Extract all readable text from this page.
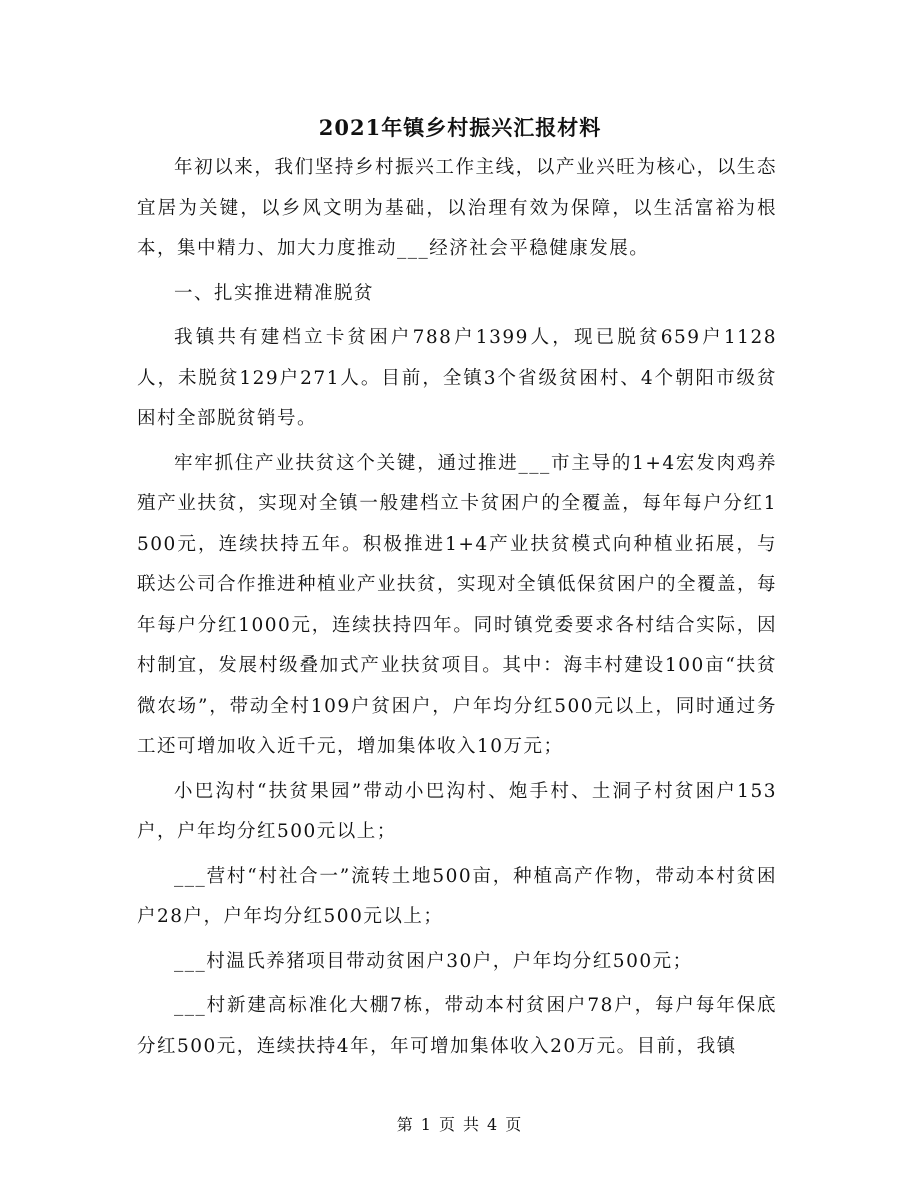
2021年镇乡村振兴汇报材料

年初以来，我们坚持乡村振兴工作主线，以产业兴旺为核心，以生态宜居为关键，以乡风文明为基础，以治理有效为保障，以生活富裕为根本，集中精力、加大力度推动___经济社会平稳健康发展。

一、扎实推进精准脱贫

我镇共有建档立卡贫困户788户1399人，现已脱贫659户1128人，未脱贫129户271人。目前，全镇3个省级贫困村、4个朝阳市级贫困村全部脱贫销号。

牢牢抓住产业扶贫这个关键，通过推进___市主导的1+4宏发肉鸡养殖产业扶贫，实现对全镇一般建档立卡贫困户的全覆盖，每年每户分红1500元，连续扶持五年。积极推进1+4产业扶贫模式向种植业拓展，与联达公司合作推进种植业产业扶贫，实现对全镇低保贫困户的全覆盖，每年每户分红1000元，连续扶持四年。同时镇党委要求各村结合实际，因村制宜，发展村级叠加式产业扶贫项目。其中：海丰村建设100亩“扶贫微农场”，带动全村109户贫困户，户年均分红500元以上，同时通过务工还可增加收入近千元，增加集体收入10万元；

小巴沟村“扶贫果园”带动小巴沟村、炮手村、土洞子村贫困户153户，户年均分红500元以上；

___营村“村社合一”流转土地500亩，种植高产作物，带动本村贫困户28户，户年均分红500元以上；

___村温氏养猪项目带动贫困户30户，户年均分红500元；

___村新建高标准化大棚7栋，带动本村贫困户78户，每户每年保底分红500元，连续扶持4年，年可增加集体收入20万元。目前，我镇

第 1 页 共 4 页
